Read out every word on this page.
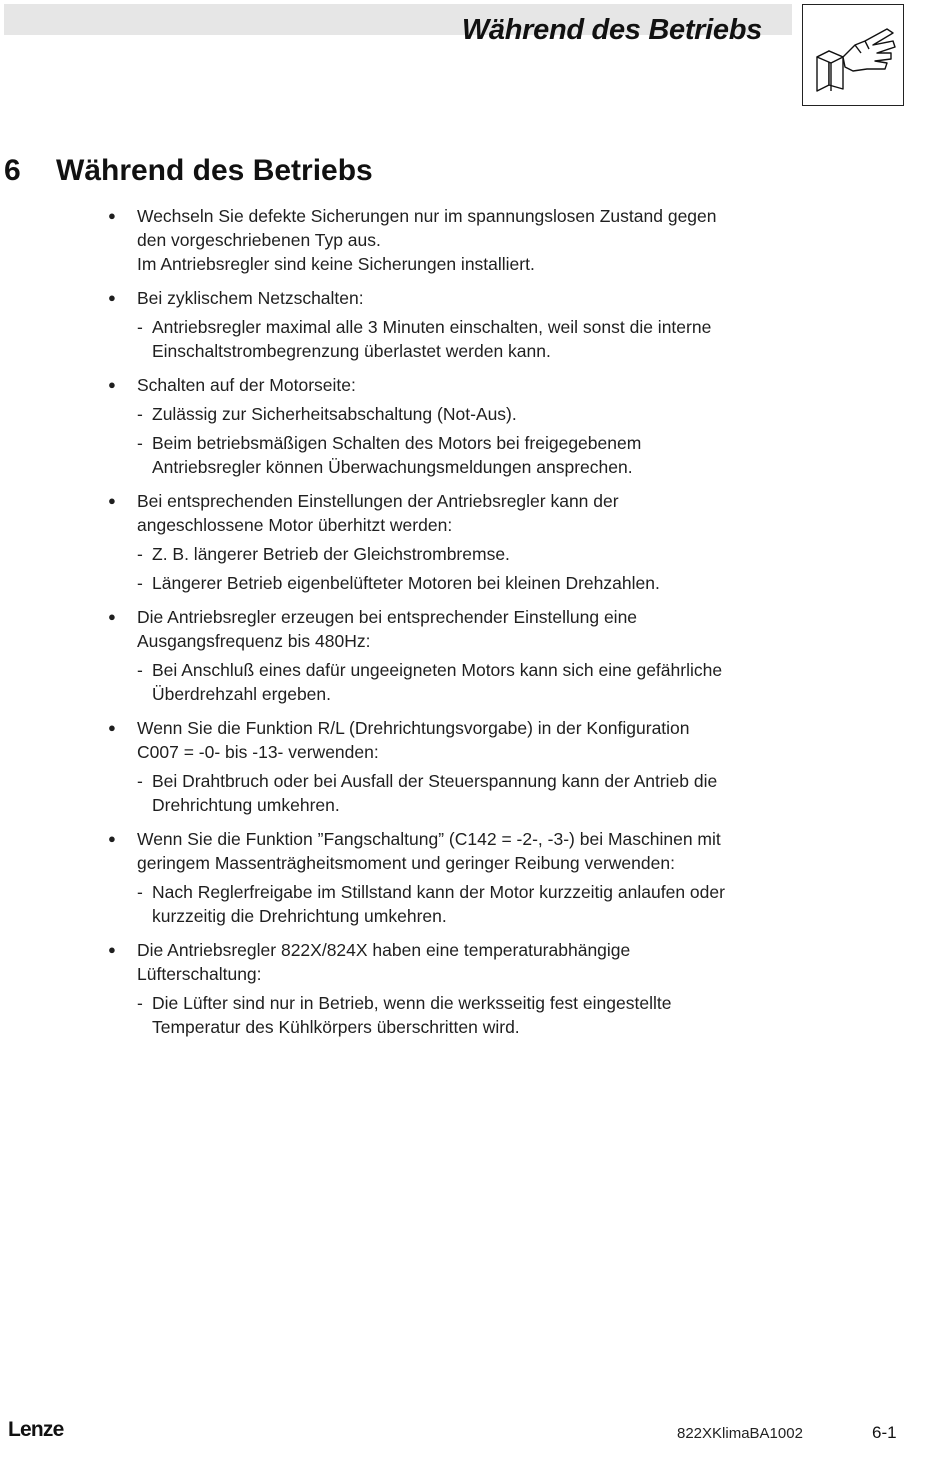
Während des Betriebs
6 Während des Betriebs
● Wechseln Sie defekte Sicherungen nur im spannungslosen Zustand gegen
den vorgeschriebenen Typ aus.
Im Antriebsregler sind keine Sicherungen installiert.
● Bei zyklischem Netzschalten:
- Antriebsregler maximal alle 3 Minuten einschalten, weil sonst die interne
Einschaltstrombegrenzung überlastet werden kann.
● Schalten auf der Motorseite:
- Zulässig zur Sicherheitsabschaltung (Not-Aus).
- Beim betriebsmäßigen Schalten des Motors bei freigegebenem
Antriebsregler können Überwachungsmeldungen ansprechen.
● Bei entsprechenden Einstellungen der Antriebsregler kann der
angeschlossene Motor überhitzt werden:
- Z. B. längerer Betrieb der Gleichstrombremse.
- Längerer Betrieb eigenbelüfteter Motoren bei kleinen Drehzahlen.
● Die Antriebsregler erzeugen bei entsprechender Einstellung eine
Ausgangsfrequenz bis 480Hz:
- Bei Anschluß eines dafür ungeeigneten Motors kann sich eine gefährliche
Überdrehzahl ergeben.
● Wenn Sie die Funktion R/L (Drehrichtungsvorgabe) in der Konfiguration
C007 = -0- bis -13- verwenden:
- Bei Drahtbruch oder bei Ausfall der Steuerspannung kann der Antrieb die
Drehrichtung umkehren.
● Wenn Sie die Funktion ”Fangschaltung” (C142 = -2-, -3-) bei Maschinen mit
geringem Massenträgheitsmoment und geringer Reibung verwenden:
- Nach Reglerfreigabe im Stillstand kann der Motor kurzzeitig anlaufen oder
kurzzeitig die Drehrichtung umkehren.
● Die Antriebsregler 822X/824X haben eine temperaturabhängige
Lüfterschaltung:
- Die Lüfter sind nur in Betrieb, wenn die werksseitig fest eingestellte
Temperatur des Kühlkörpers überschritten wird.
Lenze	822XKlimaBA1002	6-1
